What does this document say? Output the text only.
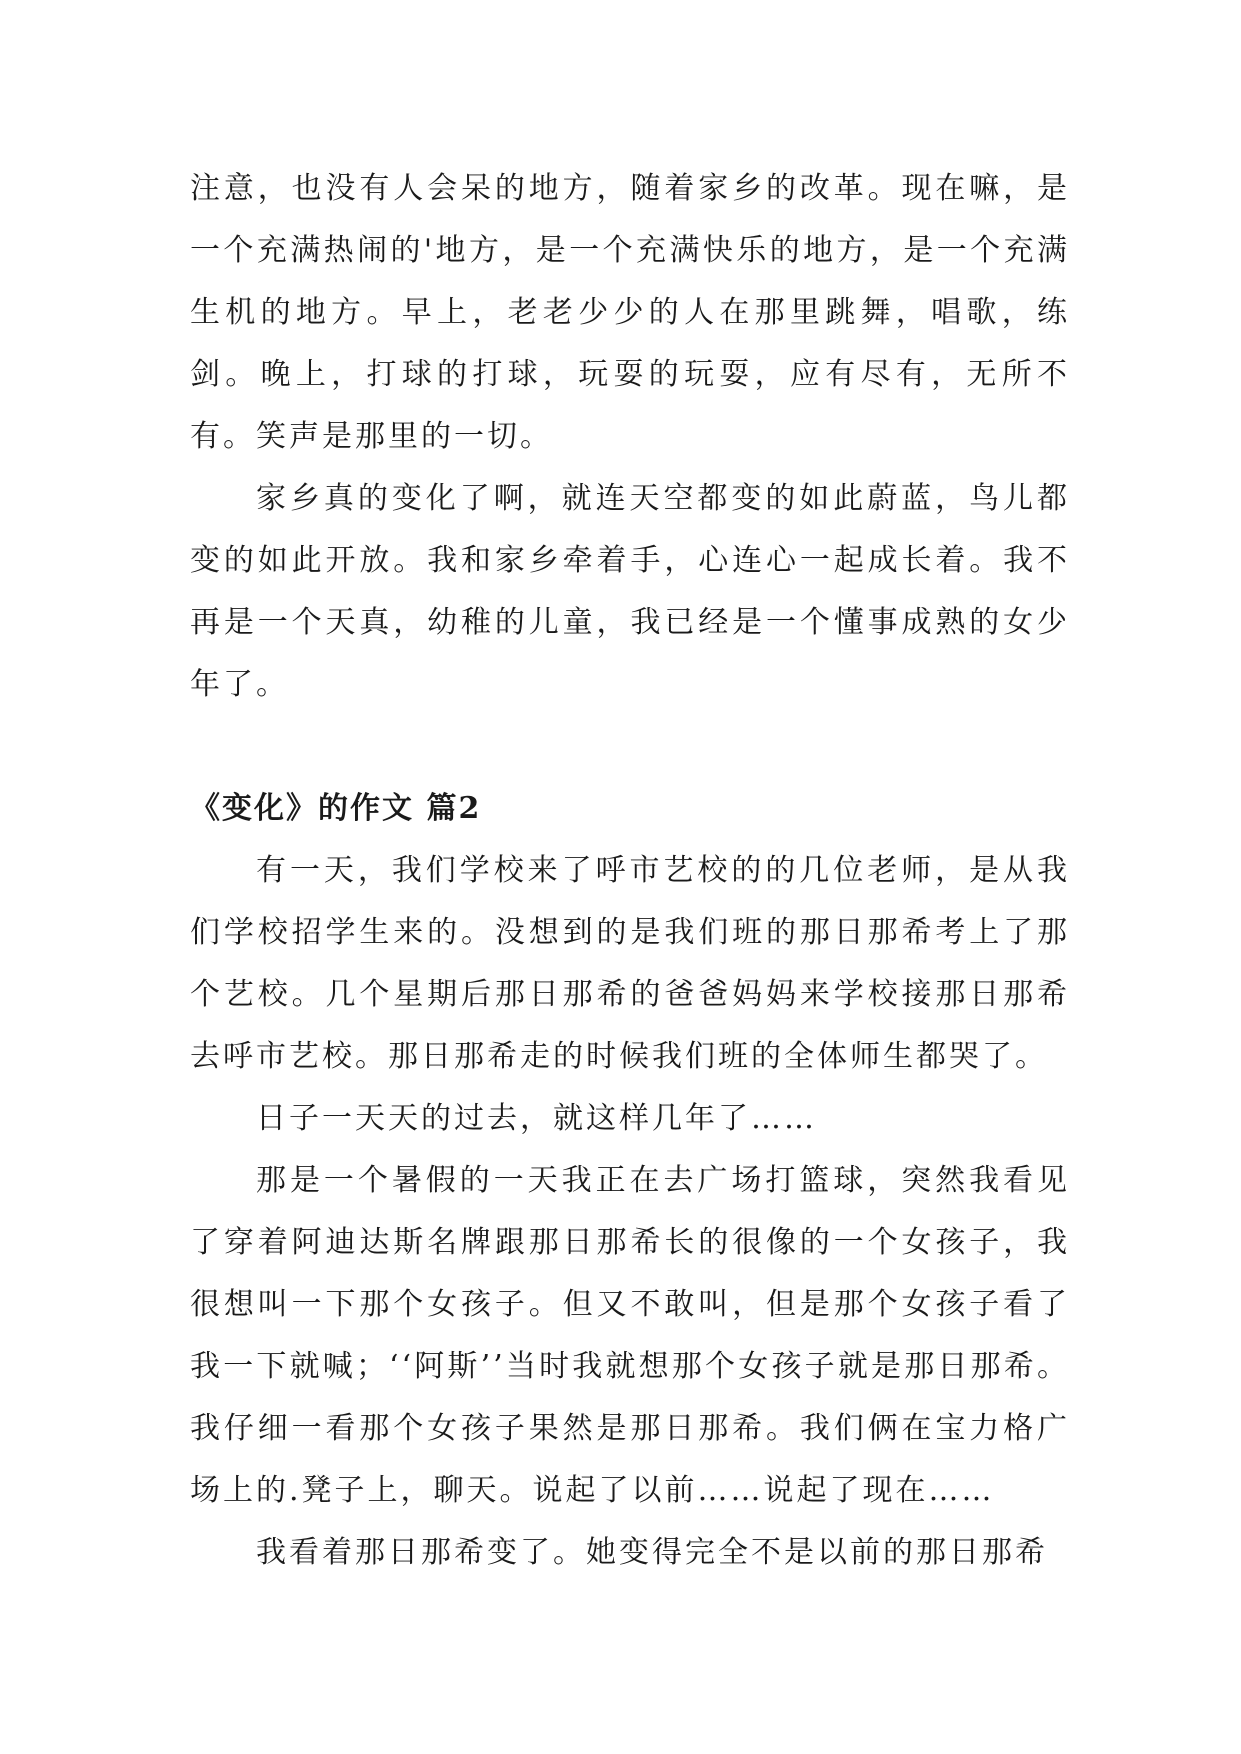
注意，也没有人会呆的地方，随着家乡的改革。现在嘛，是一个充满热闹的'地方，是一个充满快乐的地方，是一个充满生机的地方。早上，老老少少的人在那里跳舞，唱歌，练剑。晚上，打球的打球，玩耍的玩耍，应有尽有，无所不有。笑声是那里的一切。

家乡真的变化了啊，就连天空都变的如此蔚蓝，鸟儿都变的如此开放。我和家乡牵着手，心连心一起成长着。我不再是一个天真，幼稚的儿童，我已经是一个懂事成熟的女少年了。

《变化》的作文 篇2

有一天，我们学校来了呼市艺校的的几位老师，是从我们学校招学生来的。没想到的是我们班的那日那希考上了那个艺校。几个星期后那日那希的爸爸妈妈来学校接那日那希去呼市艺校。那日那希走的时候我们班的全体师生都哭了。

日子一天天的过去，就这样几年了……

那是一个暑假的一天我正在去广场打篮球，突然我看见了穿着阿迪达斯名牌跟那日那希长的很像的一个女孩子，我很想叫一下那个女孩子。但又不敢叫，但是那个女孩子看了我一下就喊；‘‘阿斯’’当时我就想那个女孩子就是那日那希。我仔细一看那个女孩子果然是那日那希。我们俩在宝力格广场上的.凳子上，聊天。说起了以前……说起了现在……

我看着那日那希变了。她变得完全不是以前的那日那希
